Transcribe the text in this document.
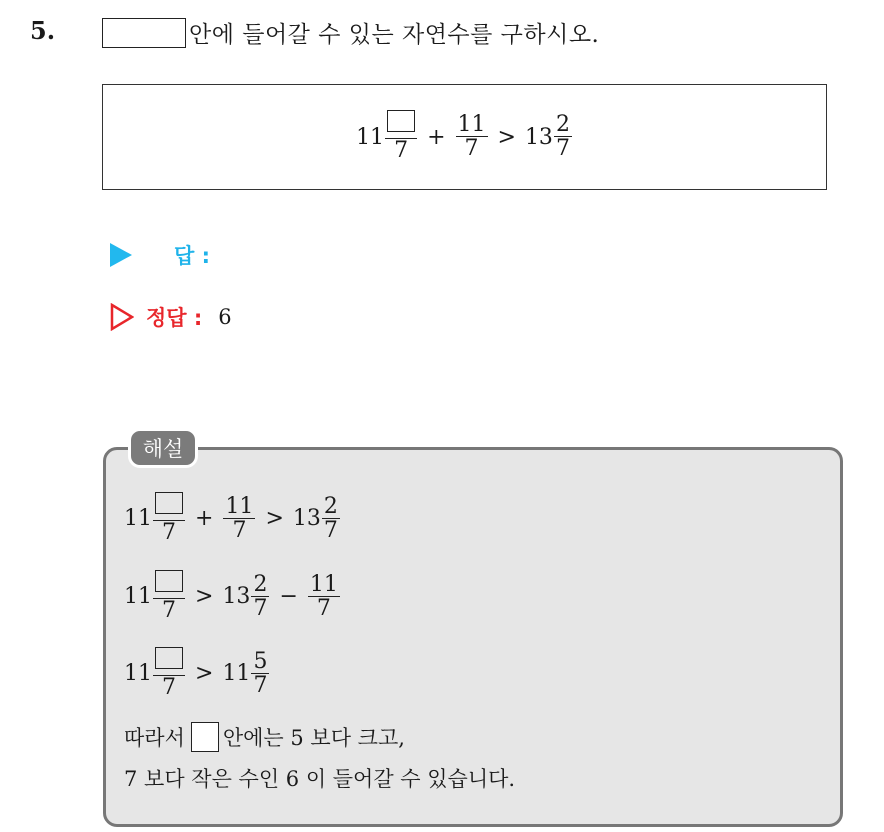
5.	안에 들어갈 수 있는 자연수를 구하시오.
11
7
+ $\frac{11}{7} > 13 \frac{2}{7}$
답 :
정답 : 6
해설
11
7
+ $\frac{11}{7} > 13 \frac{2}{7}$
11
7
> $13 \frac{2}{7} - \frac{11}{7}$
11
7
> $11 \frac{5}{7}$
따라서 안에는 5 보다 크고,
7 보다 작은 수인 6 이 들어갈 수 있습니다.
